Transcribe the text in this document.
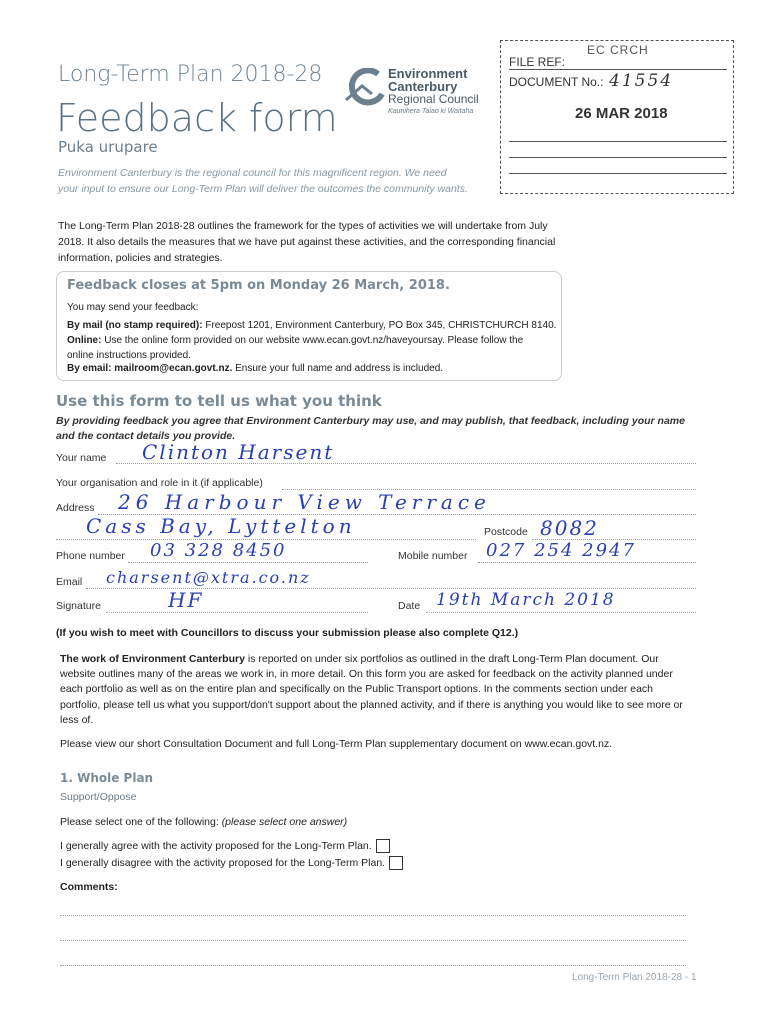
Long-Term Plan 2018-28
Feedback form
Puka urupare
Environment Canterbury is the regional council for this magnificent region. We need your input to ensure our Long-Term Plan will deliver the outcomes the community wants.
Environment
Canterbury
Regional Council
Kaunihera Taiao ki Waitaha
EC CRCH
FILE REF:
DOCUMENT No.: 41554
26 MAR 2018
The Long-Term Plan 2018-28 outlines the framework for the types of activities we will undertake from July 2018. It also details the measures that we have put against these activities, and the corresponding financial information, policies and strategies.
Feedback closes at 5pm on Monday 26 March, 2018.
You may send your feedback:
By mail (no stamp required): Freepost 1201, Environment Canterbury, PO Box 345, CHRISTCHURCH 8140.
Online: Use the online form provided on our website www.ecan.govt.nz/haveyoursay. Please follow the online instructions provided.
By email: mailroom@ecan.govt.nz. Ensure your full name and address is included.
Use this form to tell us what you think
By providing feedback you agree that Environment Canterbury may use, and may publish, that feedback, including your name and the contact details you provide.
Your name Clinton Harsent
Your organisation and role in it (if applicable)
Address 26 Harbour View Terrace
Cass Bay, Lyttelton	Postcode 8082
Phone number 03 328 8450	Mobile number 027 254 2947
Email charsent@xtra.co.nz
Signature	HF	Date 19th March 2018
(If you wish to meet with Councillors to discuss your submission please also complete Q12.)
The work of Environment Canterbury is reported on under six portfolios as outlined in the draft Long-Term Plan document. Our website outlines many of the areas we work in, in more detail. On this form you are asked for feedback on the activity planned under each portfolio as well as on the entire plan and specifically on the Public Transport options. In the comments section under each portfolio, please tell us what you support/don't support about the planned activity, and if there is anything you would like to see more or less of.
Please view our short Consultation Document and full Long-Term Plan supplementary document on www.ecan.govt.nz.
1. Whole Plan
Support/Oppose
Please select one of the following: (please select one answer)
I generally agree with the activity proposed for the Long-Term Plan.
I generally disagree with the activity proposed for the Long-Term Plan.
Comments:
Long-Term Plan 2018-28 - 1
